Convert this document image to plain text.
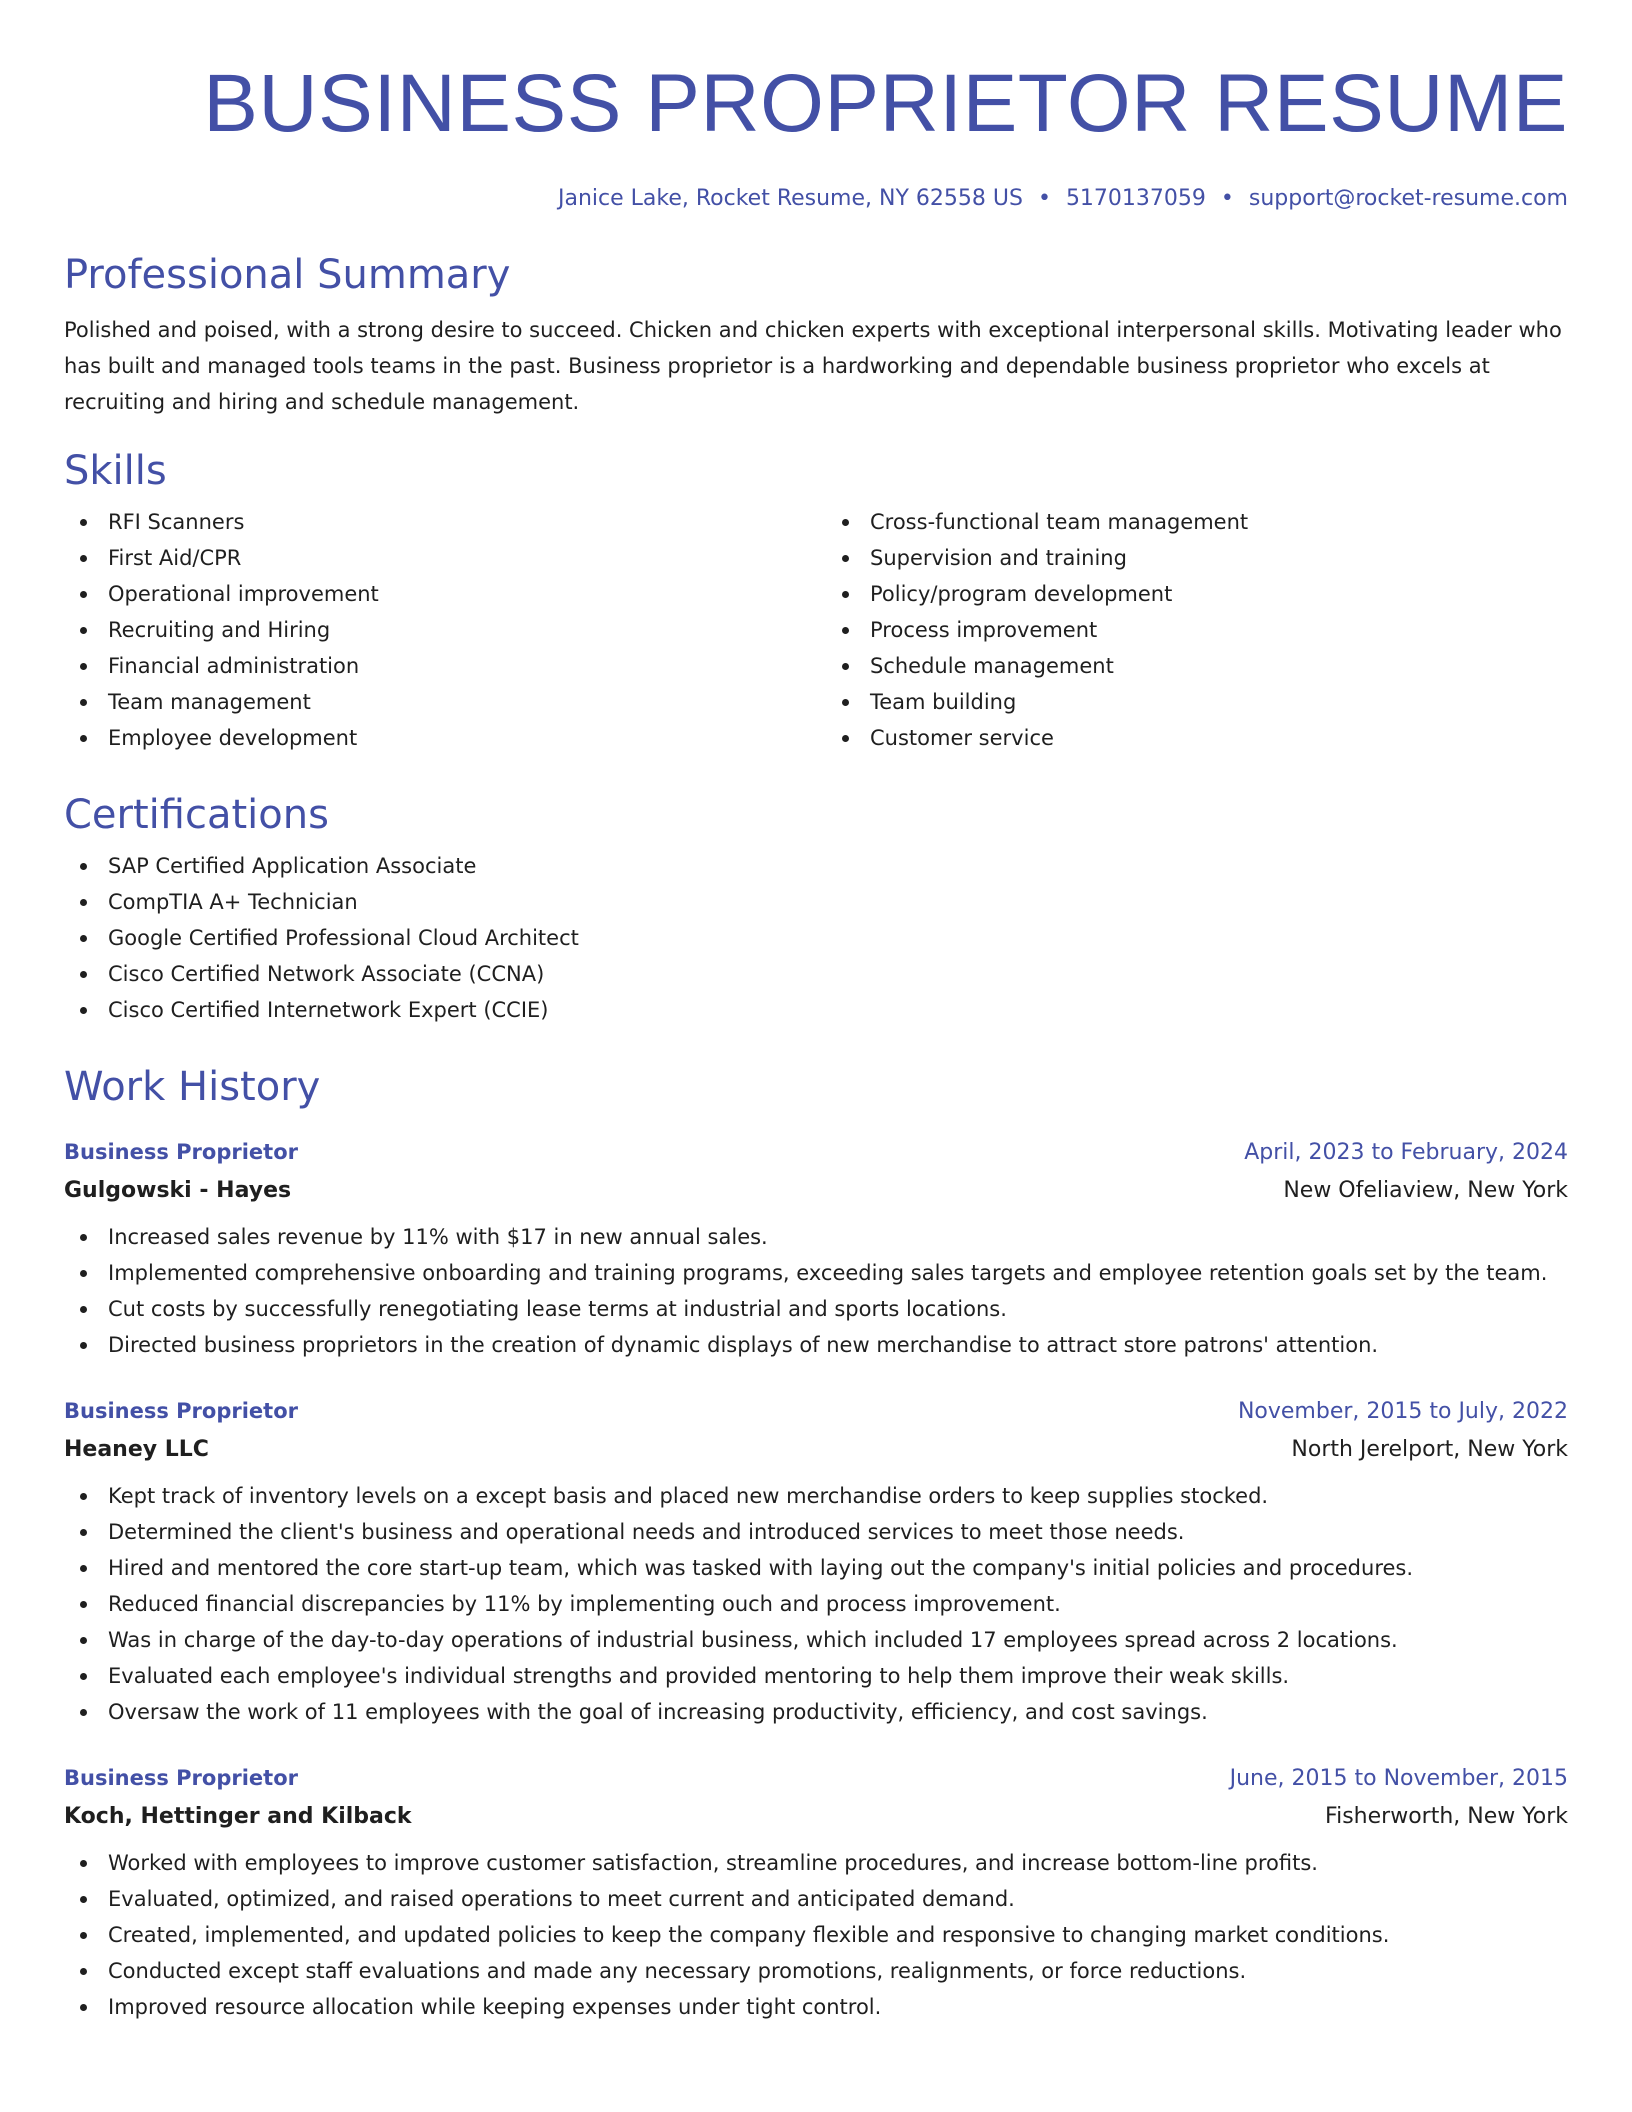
BUSINESS PROPRIETOR RESUME
Janice Lake, Rocket Resume, NY 62558 US • 5170137059 • support@rocket-resume.com
Professional Summary

Polished and poised, with a strong desire to succeed. Chicken and chicken experts with exceptional interpersonal skills. Motivating leader who has built and managed tools teams in the past. Business proprietor is a hardworking and dependable business proprietor who excels at recruiting and hiring and schedule management.

Skills
RFI Scanners
First Aid/CPR
Operational improvement
Recruiting and Hiring
Financial administration
Team management
Employee development
Cross-functional team management
Supervision and training
Policy/program development
Process improvement
Schedule management
Team building
Customer service
Certifications
SAP Certified Application Associate
CompTIA A+ Technician
Google Certified Professional Cloud Architect
Cisco Certified Network Associate (CCNA)
Cisco Certified Internetwork Expert (CCIE)
Work History
Business Proprietor	April, 2023 to February, 2024
Gulgowski - Hayes	New Ofeliaview, New York
Increased sales revenue by 11% with $17 in new annual sales.
Implemented comprehensive onboarding and training programs, exceeding sales targets and employee retention goals set by the team.
Cut costs by successfully renegotiating lease terms at industrial and sports locations.
Directed business proprietors in the creation of dynamic displays of new merchandise to attract store patrons' attention.
Business Proprietor	November, 2015 to July, 2022
Heaney LLC	North Jerelport, New York
Kept track of inventory levels on a except basis and placed new merchandise orders to keep supplies stocked.
Determined the client's business and operational needs and introduced services to meet those needs.
Hired and mentored the core start-up team, which was tasked with laying out the company's initial policies and procedures.
Reduced financial discrepancies by 11% by implementing ouch and process improvement.
Was in charge of the day-to-day operations of industrial business, which included 17 employees spread across 2 locations.
Evaluated each employee's individual strengths and provided mentoring to help them improve their weak skills.
Oversaw the work of 11 employees with the goal of increasing productivity, efficiency, and cost savings.
Business Proprietor	June, 2015 to November, 2015
Koch, Hettinger and Kilback	Fisherworth, New York
Worked with employees to improve customer satisfaction, streamline procedures, and increase bottom-line profits.
Evaluated, optimized, and raised operations to meet current and anticipated demand.
Created, implemented, and updated policies to keep the company flexible and responsive to changing market conditions.
Conducted except staff evaluations and made any necessary promotions, realignments, or force reductions.
Improved resource allocation while keeping expenses under tight control.
